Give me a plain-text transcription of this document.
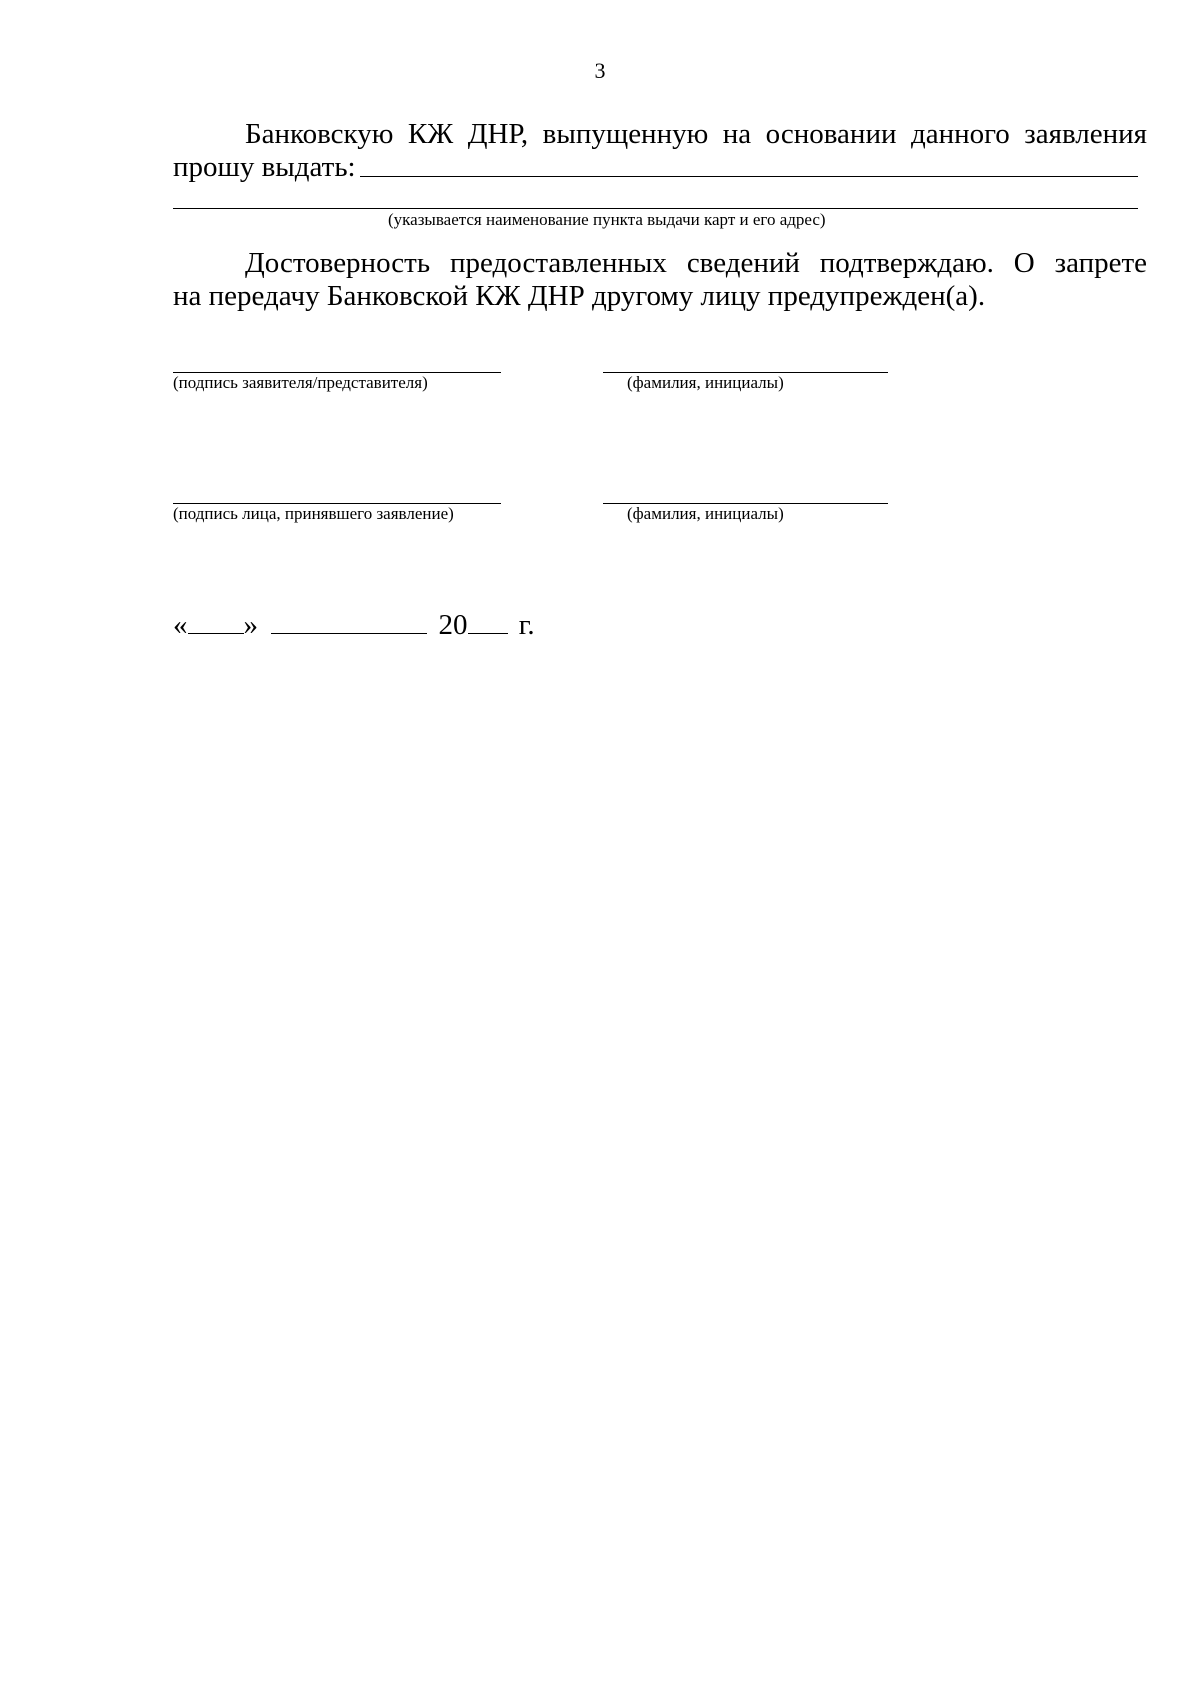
3
Банковскую КЖ ДНР, выпущенную на основании данного заявления
прошу выдать:
(указывается наименование пункта выдачи карт и его адрес)
Достоверность предоставленных сведений подтверждаю. О запрете
на передачу Банковской КЖ ДНР другому лицу предупрежден(а).
(подпись заявителя/представителя)	(фамилия, инициалы)
(подпись лица, принявшего заявление)	(фамилия, инициалы)
« »	20 г.
